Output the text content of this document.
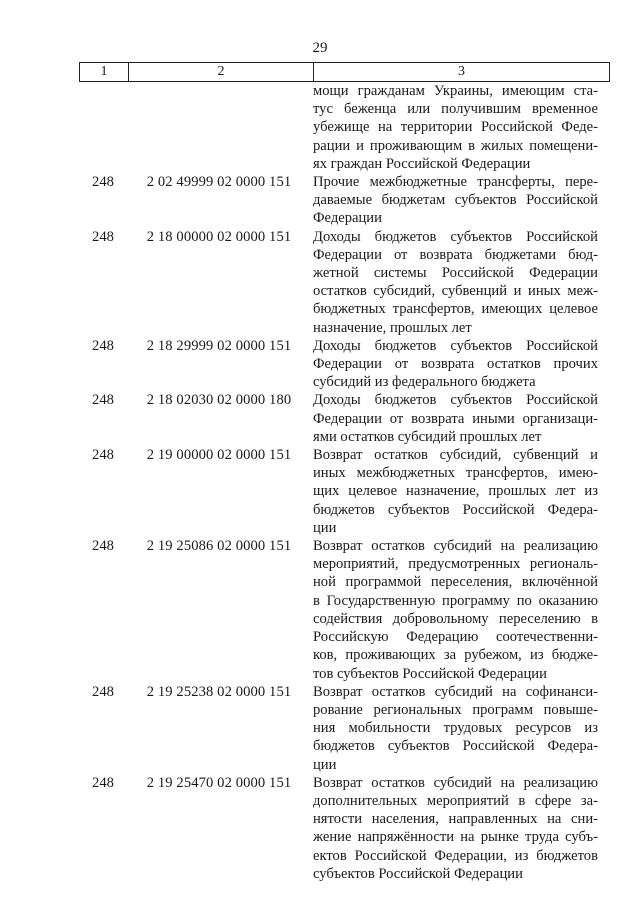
29
1	2	3
мощи гражданам Украины, имеющим ста-
тус беженца или получившим временное
убежище на территории Российской Феде-
рации и проживающим в жилых помещени-
ях граждан Российской Федерации
248	2 02 49999 02 0000 151	Прочие межбюджетные трансферты, пере-
даваемые бюджетам субъектов Российской
Федерации
248	2 18 00000 02 0000 151	Доходы бюджетов субъектов Российской
Федерации от возврата бюджетами бюд-
жетной системы Российской Федерации
остатков субсидий, субвенций и иных меж-
бюджетных трансфертов, имеющих целевое
назначение, прошлых лет
248	2 18 29999 02 0000 151	Доходы бюджетов субъектов Российской
Федерации от возврата остатков прочих
субсидий из федерального бюджета
248	2 18 02030 02 0000 180	Доходы бюджетов субъектов Российской
Федерации от возврата иными организаци-
ями остатков субсидий прошлых лет
248	2 19 00000 02 0000 151	Возврат остатков субсидий, субвенций и
иных межбюджетных трансфертов, имею-
щих целевое назначение, прошлых лет из
бюджетов субъектов Российской Федера-
ции
248	2 19 25086 02 0000 151	Возврат остатков субсидий на реализацию
мероприятий, предусмотренных региональ-
ной программой переселения, включённой
в Государственную программу по оказанию
содействия добровольному переселению в
Российскую Федерацию соотечественни-
ков, проживающих за рубежом, из бюдже-
тов субъектов Российской Федерации
248	2 19 25238 02 0000 151	Возврат остатков субсидий на софинанси-
рование региональных программ повыше-
ния мобильности трудовых ресурсов из
бюджетов субъектов Российской Федера-
ции
248	2 19 25470 02 0000 151	Возврат остатков субсидий на реализацию
дополнительных мероприятий в сфере за-
нятости населения, направленных на сни-
жение напряжённости на рынке труда субъ-
ектов Российской Федерации, из бюджетов
субъектов Российской Федерации
